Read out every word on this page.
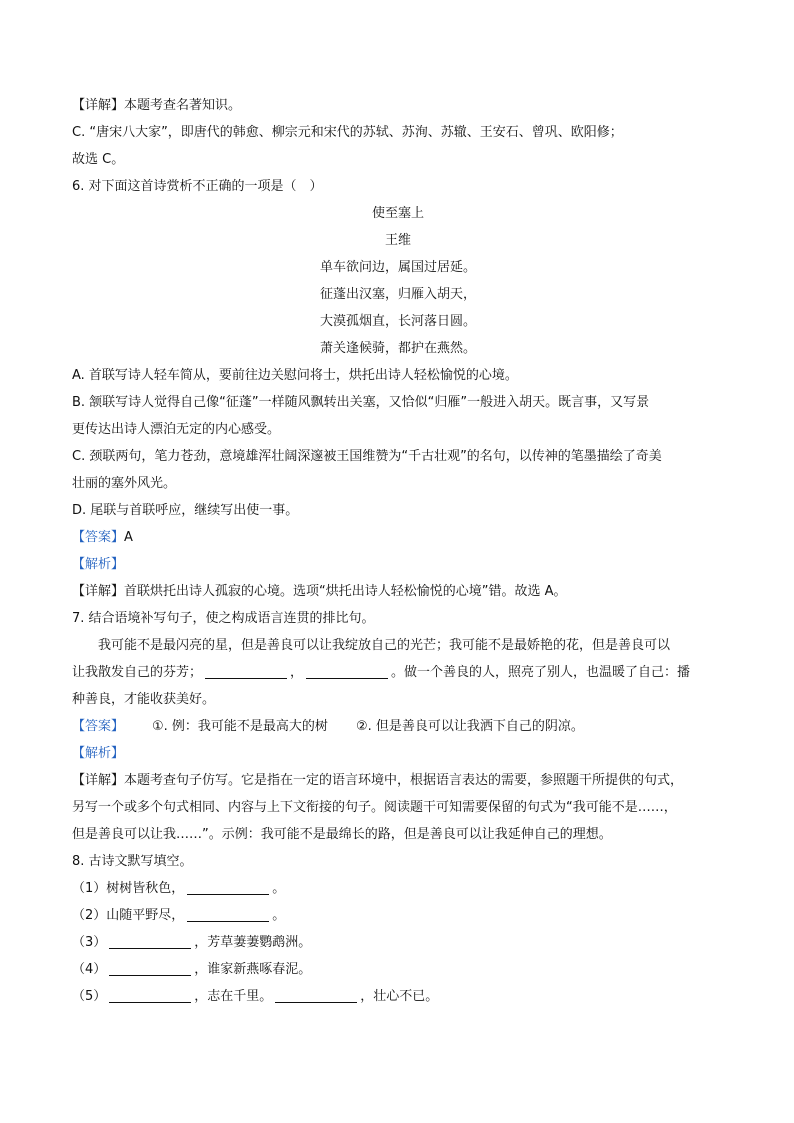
【详解】本题考查名著知识。
C. “唐宋八大家”，即唐代的韩愈、柳宗元和宋代的苏轼、苏洵、苏辙、王安石、曾巩、欧阳修；
故选 C。
6. 对下面这首诗赏析不正确的一项是（　）
使至塞上
王维
单车欲问边，属国过居延。
征蓬出汉塞，归雁入胡天，
大漠孤烟直，长河落日圆。
萧关逢候骑，都护在燕然。
A. 首联写诗人轻车简从，要前往边关慰问将士，烘托出诗人轻松愉悦的心境。
B. 颔联写诗人觉得自己像“征蓬”一样随风飘转出关塞，又恰似“归雁”一般进入胡天。既言事，又写景
更传达出诗人漂泊无定的内心感受。
C. 颈联两句，笔力苍劲，意境雄浑壮阔深邃被王国维赞为“千古壮观”的名句，以传神的笔墨描绘了奇美
壮丽的塞外风光。
D. 尾联与首联呼应，继续写出使一事。
【答案】A
【解析】
【详解】首联烘托出诗人孤寂的心境。选项“烘托出诗人轻松愉悦的心境”错。故选 A。
7. 结合语境补写句子，使之构成语言连贯的排比句。
我可能不是最闪亮的星，但是善良可以让我绽放自己的光芒；我可能不是最娇艳的花，但是善良可以
让我散发自己的芬芳；	，	。做一个善良的人，照亮了别人，也温暖了自己：播
种善良，才能收获美好。
【答案】 ①. 例：我可能不是最高大的树 ②. 但是善良可以让我洒下自己的阴凉。
【解析】
【详解】本题考查句子仿写。它是指在一定的语言环境中，根据语言表达的需要，参照题干所提供的句式，
另写一个或多个句式相同、内容与上下文衔接的句子。阅读题干可知需要保留的句式为“我可能不是……，
但是善良可以让我……”。示例：我可能不是最绵长的路，但是善良可以让我延伸自己的理想。
8. 古诗文默写填空。
（1）树树皆秋色，	。
（2）山随平野尽，	。
（3）	，芳草萋萋鹦鹉洲。
（4）	，谁家新燕啄春泥。
（5）	，志在千里。	，壮心不已。
